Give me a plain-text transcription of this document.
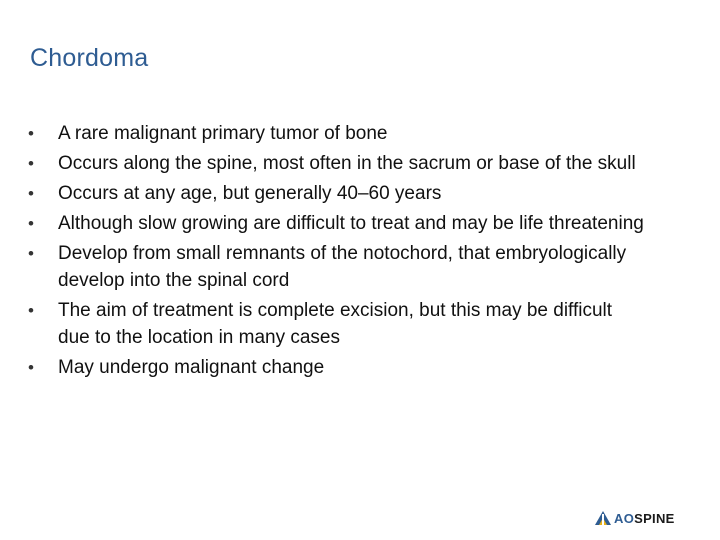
Chordoma
• A rare malignant primary tumor of bone
• Occurs along the spine, most often in the sacrum or base of the skull
• Occurs at any age, but generally 40–60 years
• Although slow growing are difficult to treat and may be life threatening
• Develop from small remnants of the notochord, that embryologically develop into the spinal cord
• The aim of treatment is complete excision, but this may be difficult due to the location in many cases
• May undergo malignant change
AO SPINE
